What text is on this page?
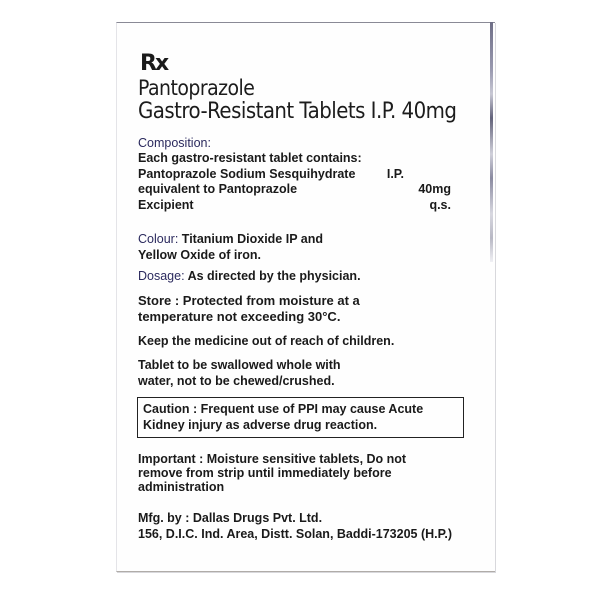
Rx
Pantoprazole
Gastro-Resistant Tablets I.P. 40mg
Composition:
Each gastro-resistant tablet contains:
Pantoprazole Sodium Sesquihydrate	I.P.
equivalent to Pantoprazole	40mg
Excipient	q.s.
Colour: Titanium Dioxide IP and
Yellow Oxide of iron.
Dosage: As directed by the physician.
Store : Protected from moisture at a
temperature not exceeding 30°C.
Keep the medicine out of reach of children.
Tablet to be swallowed whole with
water, not to be chewed/crushed.
Caution : Frequent use of PPI may cause Acute
Kidney injury as adverse drug reaction.
Important : Moisture sensitive tablets, Do not
remove from strip until immediately before
administration
Mfg. by : Dallas Drugs Pvt. Ltd.
156, D.I.C. Ind. Area, Distt. Solan, Baddi-173205 (H.P.)
